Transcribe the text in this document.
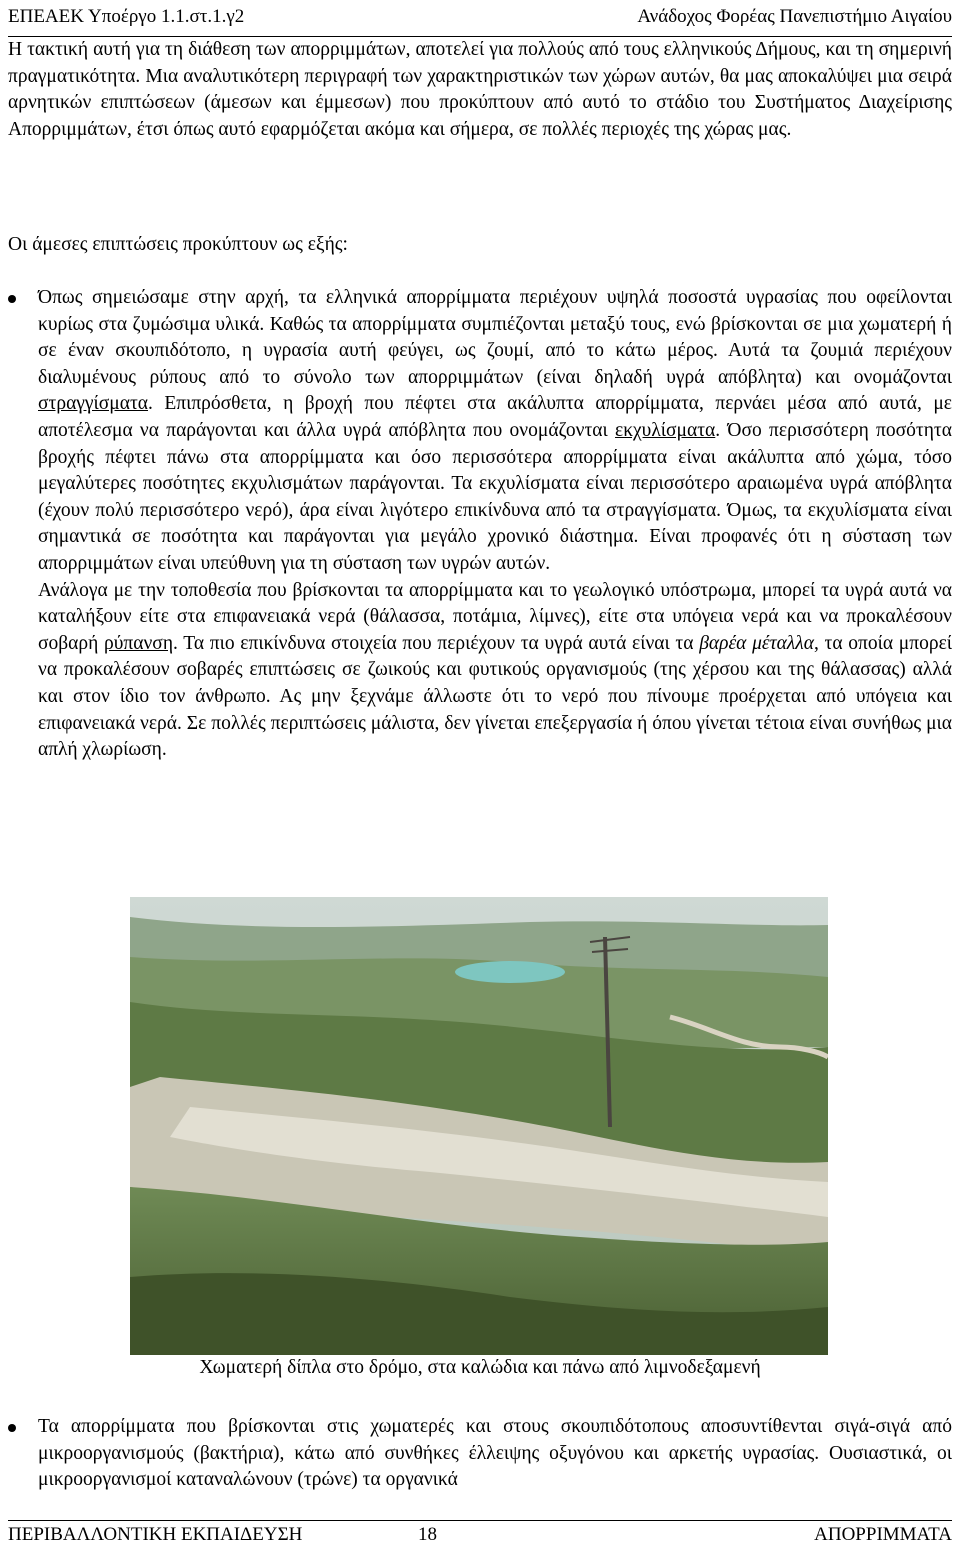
ΕΠΕΑΕΚ Υποέργο 1.1.στ.1.γ2	Ανάδοχος Φορέας Πανεπιστήμιο Αιγαίου

Η τακτική αυτή για τη διάθεση των απορριμμάτων, αποτελεί για πολλούς από τους ελληνικούς Δήμους, και τη σημερινή πραγματικότητα. Μια αναλυτικότερη περιγραφή των χαρακτηριστικών των χώρων αυτών, θα μας αποκαλύψει μια σειρά αρνητικών επιπτώσεων (άμεσων και έμμεσων) που προκύπτουν από αυτό το στάδιο του Συστήματος Διαχείρισης Απορριμμάτων, έτσι όπως αυτό εφαρμόζεται ακόμα και σήμερα, σε πολλές περιοχές της χώρας μας.

Οι άμεσες επιπτώσεις προκύπτουν ως εξής:

Όπως σημειώσαμε στην αρχή, τα ελληνικά απορρίμματα περιέχουν υψηλά ποσοστά υγρασίας που οφείλονται κυρίως στα ζυμώσιμα υλικά. Καθώς τα απορρίμματα συμπιέζονται μεταξύ τους, ενώ βρίσκονται σε μια χωματερή ή σε έναν σκουπιδότοπο, η υγρασία αυτή φεύγει, ως ζουμί, από το κάτω μέρος. Αυτά τα ζουμιά περιέχουν διαλυμένους ρύπους από το σύνολο των απορριμμάτων (είναι δηλαδή υγρά απόβλητα) και ονομάζονται στραγγίσματα. Επιπρόσθετα, η βροχή που πέφτει στα ακάλυπτα απορρίμματα, περνάει μέσα από αυτά, με αποτέλεσμα να παράγονται και άλλα υγρά απόβλητα που ονομάζονται εκχυλίσματα. Όσο περισσότερη ποσότητα βροχής πέφτει πάνω στα απορρίμματα και όσο περισσότερα απορρίμματα είναι ακάλυπτα από χώμα, τόσο μεγαλύτερες ποσότητες εκχυλισμάτων παράγονται. Τα εκχυλίσματα είναι περισσότερο αραιωμένα υγρά απόβλητα (έχουν πολύ περισσότερο νερό), άρα είναι λιγότερο επικίνδυνα από τα στραγγίσματα. Όμως, τα εκχυλίσματα είναι σημαντικά σε ποσότητα και παράγονται για μεγάλο χρονικό διάστημα. Είναι προφανές ότι η σύσταση των απορριμμάτων είναι υπεύθυνη για τη σύσταση των υγρών αυτών.
Ανάλογα με την τοποθεσία που βρίσκονται τα απορρίμματα και το γεωλογικό υπόστρωμα, μπορεί τα υγρά αυτά να καταλήξουν είτε στα επιφανειακά νερά (θάλασσα, ποτάμια, λίμνες), είτε στα υπόγεια νερά και να προκαλέσουν σοβαρή ρύπανση. Τα πιο επικίνδυνα στοιχεία που περιέχουν τα υγρά αυτά είναι τα βαρέα μέταλλα, τα οποία μπορεί να προκαλέσουν σοβαρές επιπτώσεις σε ζωικούς και φυτικούς οργανισμούς (της χέρσου και της θάλασσας) αλλά και στον ίδιο τον άνθρωπο. Ας μην ξεχνάμε άλλωστε ότι το νερό που πίνουμε προέρχεται από υπόγεια και επιφανειακά νερά. Σε πολλές περιπτώσεις μάλιστα, δεν γίνεται επεξεργασία ή όπου γίνεται τέτοια είναι συνήθως μια απλή χλωρίωση.

Χωματερή δίπλα στο δρόμο, στα καλώδια και πάνω από λιμνοδεξαμενή

Τα απορρίμματα που βρίσκονται στις χωματερές και στους σκουπιδότοπους αποσυντίθενται σιγά-σιγά από μικροοργανισμούς (βακτήρια), κάτω από συνθήκες έλλειψης οξυγόνου και αρκετής υγρασίας. Ουσιαστικά, οι μικροοργανισμοί καταναλώνουν (τρώνε) τα οργανικά

ΠΕΡΙΒΑΛΛΟΝΤΙΚΗ ΕΚΠΑΙΔΕΥΣΗ	18	ΑΠΟΡΡΙΜΜΑΤΑ
